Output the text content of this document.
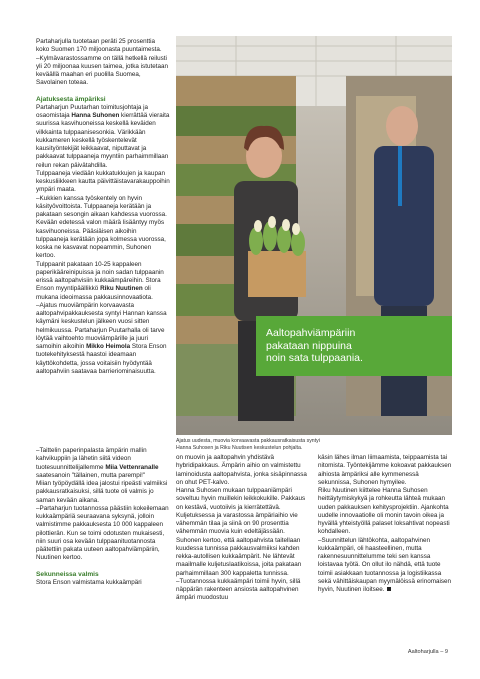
Partaharjulla tuotetaan peräti 25 prosenttia koko Suomen 170 miljoonasta puuntaimesta.

–Kylmävarastossamme on tällä hetkellä reilusti yli 20 miljoonaa kuusen taimea, jotka istutetaan keväällä maahan eri puolilla Suomea, Savolainen toteaa.

Ajatuksesta ämpäriksi

Partaharjun Puutarhan toimitusjohtaja ja osaomistaja Hanna Suhonen kierrättää vieraita suurissa kasvihuoneissa keskellä keväiden vilkkainta tulppaanisesonkia. Värikkään kukkameren keskellä työskentelevät kausityöntekijät leikkaavat, niputtavat ja pakkaavat tulppaaneja myyntiin parhaimmillaan reilun rekan päivätahdilla.

Tulppaaneja viedään kukkatukkujen ja kaupan keskusliikkeen kautta päivittäistavarakauppoihin ympäri maata.

–Kukkien kanssa työskentely on hyvin käsityövoittoista. Tulppaaneja kerätään ja pakataan sesongin aikaan kahdessa vuorossa. Kevään edetessä valon määrä lisääntyy myös kasvihuoneissa. Pääsiäisen aikoihin tulppaaneja kerätään jopa kolmessa vuorossa, koska ne kasvavat nopeammin, Suhonen kertoo.

Tulppaanit pakataan 10-25 kappaleen paperikääreinipuissa ja noin sadan tulppaanin erissä aaltopahvisiin kukkaämpäreihin. Stora Enson myyntipäällikkö Riku Nuutinen oli mukana ideoimassa pakkausinnovaatiota.

–Ajatus muoviämpärin korvaavasta aaltopahvipakkauksesta syntyi Hannan kanssa käymäni keskustelun jälkeen vuosi sitten helmikuussa. Partaharjun Puutarhalla oli tarve löytää vaihtoehto muoviämpärille ja juuri samoihin aikoihin Mikko Heimola Stora Enson tuotekehityksestä haastoi ideamaan käyttökohdetta, jossa voitaisiin hyödyntää aaltopahviin saatavaa barrieriominaisuutta.

Aaltopahviämpäriin
pakataan nippuina
noin sata tulppaania.
Ajatus uudesta, muovia korvaavasta pakkausratkaisusta syntyi
Hanna Suhosen ja Riku Nuutisen keskustelun pohjalta.

–Taittelin paperinpalasta ämpärin mallin kahvikuppiin ja lähetin siitä videon tuotesuunnittelijallemme Miia Vettenranalle saatesanoin "tällainen, mutta parempi!"

Miian työpöydällä idea jalostui ripeästi valmiiksi pakkausratkaisuksi, sillä tuote oli valmis jo saman kevään aikana.

–Partaharjun tuotannossa päästiin kokeilemaan kukkaämpäriä seuraavana syksynä, jolloin valmistimme pakkauksesta 10 000 kappaleen pilottierän. Kun se toimi odotusten mukaisesti, niin suuri osa kevään tulppaanituotannosta päätettiin pakata uuteen aaltopahviämpäriin, Nuutinen kertoo.

Sekunneissa valmis

Stora Enson valmistama kukkaämpäri

on muovin ja aaltopahvin yhdistävä hybridipakkaus. Ämpärin aihio on valmistettu laminoidusta aaltopahvista, jonka sisäpinnassa on ohut PET-kalvo.

Hanna Suhosen mukaan tulppaaniämpäri soveltuu hyvin muillekin leikkokukille. Pakkaus on kestävä, vuotoiivis ja kierrätettävä. Kuljetuksessa ja varastossa ämpäriaihio vie vähemmän tilaa ja siinä on 90 prosenttia vähemmän muovia kuin edeltäjässään.

Suhonen kertoo, että aaltopahvista taitellaan kuudessa tunnissa pakkausvalmiiksi kahden rekka-autollisen kukkaämpärit. Ne lähtevät maailmalle kuljetuslaatikoissa, joita pakataan parhaimmillaan 300 kappaletta tunnissa.

–Tuotannossa kukkaämpäri toimii hyvin, sillä näppärän rakenteen ansiosta aaltopahvinen ämpäri muodostuu

käsin lähes ilman liimaamista, teippaamista tai nitomista. Työntekijämme kokoavat pakkauksen aihiosta ämpäriksi alle kymmenessä sekunnissa, Suhonen hymyilee.

Riku Nuutinen kiittelee Hanna Suhosen heittäytymiskykyä ja rohkeutta lähteä mukaan uuden pakkauksen kehitysprojektiin. Ajankohta uudelle innovaatiolle oli monin tavoin oikea ja hyvällä yhteistyöllä palaset loksahtivat nopeasti kohdalleen.

–Suunnittelun lähtökohta, aaltopahvinen kukkaämpäri, oli haasteellinen, mutta rakennesuunnittelumme teki sen kanssa loistavaa työtä. On ollut ilo nähdä, että tuote toimii asiakkaan tuotannossa ja logistiikassa sekä vähittäiskaupan myymälöissä erinomaisen hyvin, Nuutinen iloitsee.

Aaltoharjulla – 9
